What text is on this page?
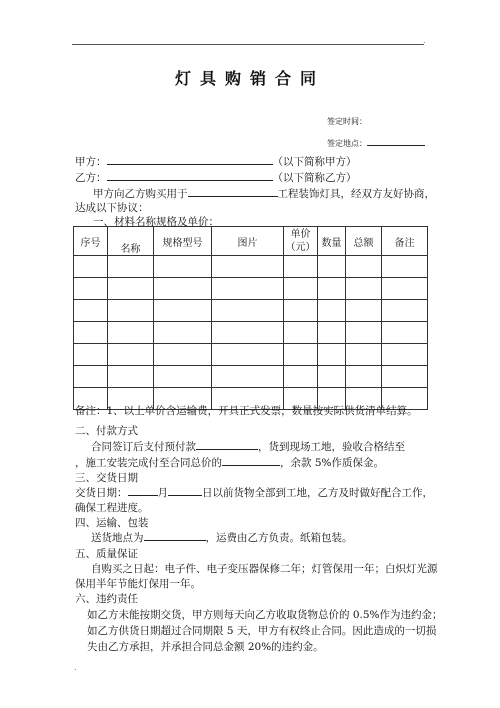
.
灯具购销合同
签定时间：
签定地点：
甲方：	（以下简称甲方）
乙方：	（以下简称乙方）
甲方向乙方购买用于	工程装饰灯具，经双方友好协商，
达成以下协议：
一、材料名称规格及单价：
序号	名称	规格型号	图片	单价（元）	数量	总额	备注

备注：1、以上单价含运输费，开具正式发票，数量按实际供货清单结算。
二、付款方式
合同签订后支付预付款	，货到现场工地，验收合格结至
，施工安装完成付至合同总价的	，余款 5%作质保金。
三、交货日期
交货日期：	月	日以前货物全部到工地，乙方及时做好配合工作，
确保工程进度。
四、运输、包装
送货地点为	，运费由乙方负责。纸箱包装。
五、质量保证
自购买之日起：电子件、电子变压器保修二年；灯管保用一年；白炽灯光源
保用半年节能灯保用一年。
六、违约责任
如乙方未能按期交货，甲方则每天向乙方收取货物总价的 0.5%作为违约金；
如乙方供货日期超过合同期限 5 天，甲方有权终止合同。因此造成的一切损
失由乙方承担，并承担合同总金额 20%的违约金。
.
